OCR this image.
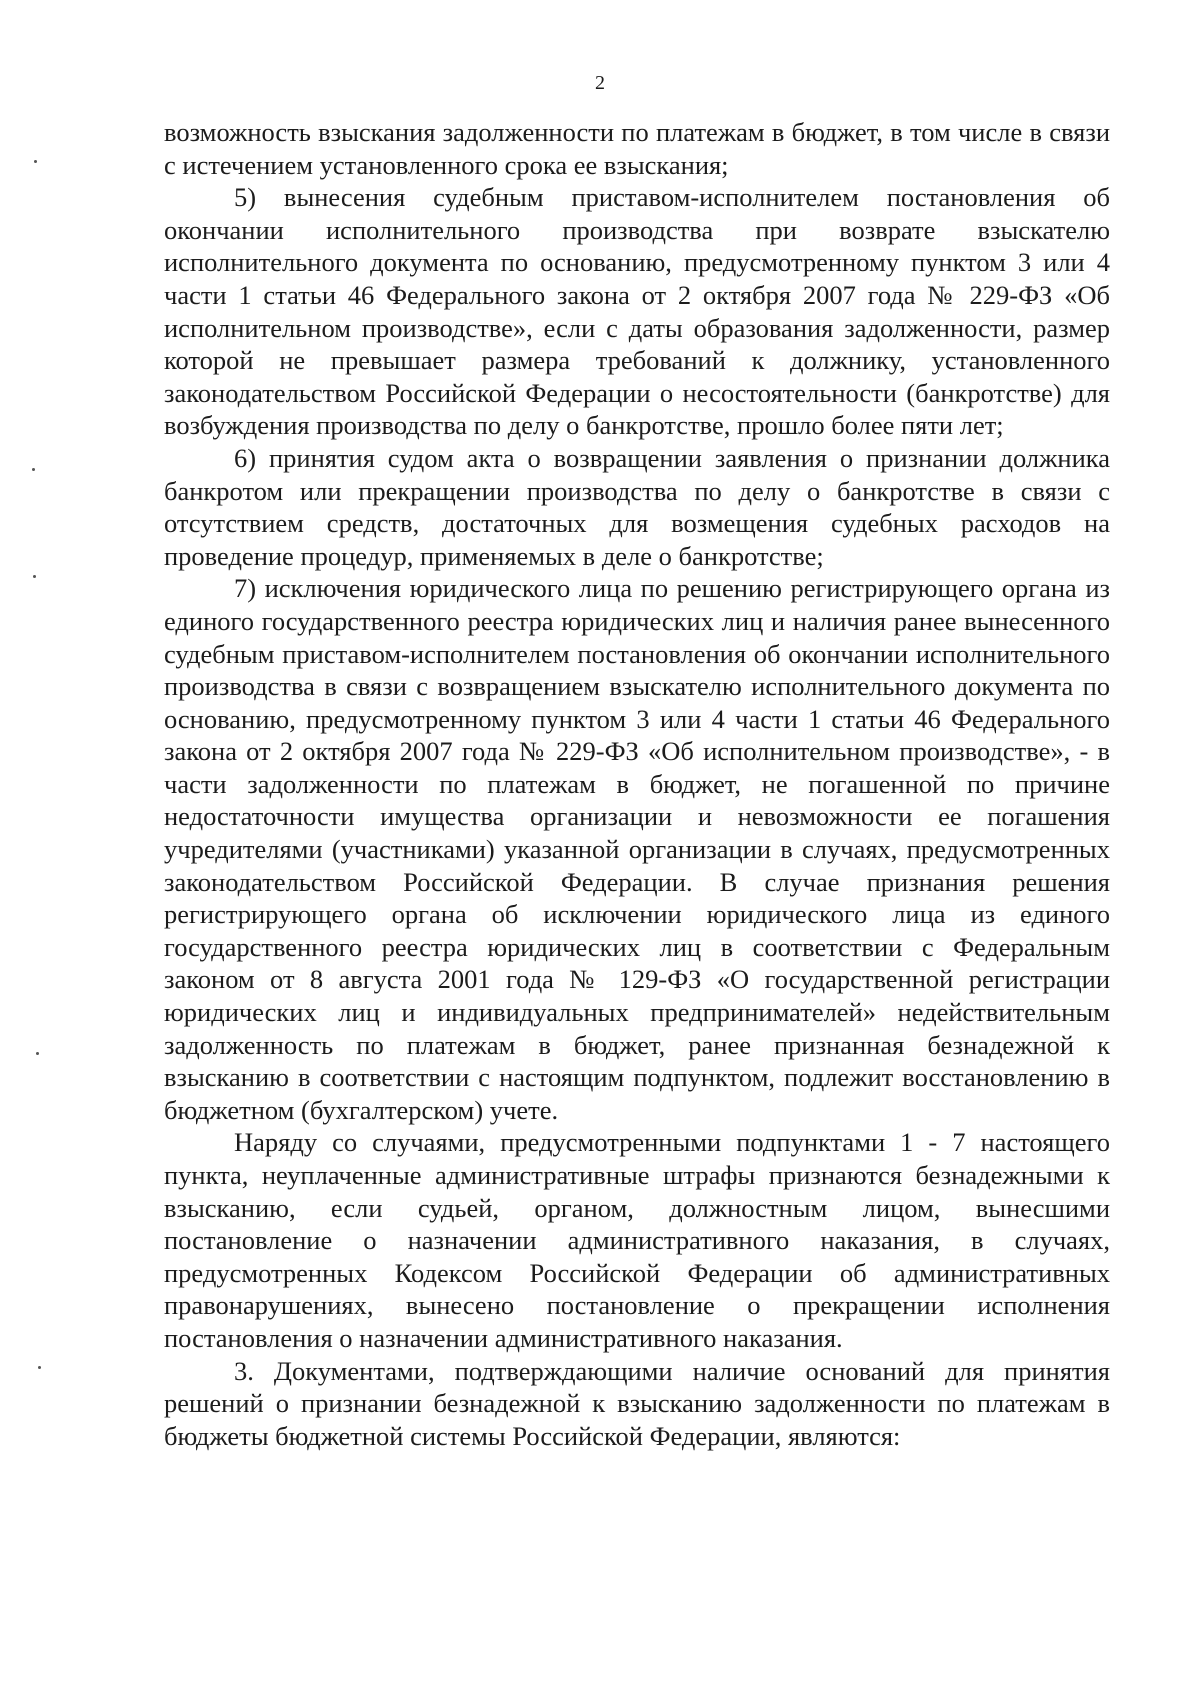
2

возможность взыскания задолженности по платежам в бюджет, в том числе в связи с истечением установленного срока ее взыскания;

5) вынесения судебным приставом-исполнителем постановления об окончании исполнительного производства при возврате взыскателю исполнительного документа по основанию, предусмотренному пунктом 3 или 4 части 1 статьи 46 Федерального закона от 2 октября 2007 года № 229-ФЗ «Об исполнительном производстве», если с даты образования задолженности, размер которой не превышает размера требований к должнику, установленного законодательством Российской Федерации о несостоятельности (банкротстве) для возбуждения производства по делу о банкротстве, прошло более пяти лет;

6) принятия судом акта о возвращении заявления о признании должника банкротом или прекращении производства по делу о банкротстве в связи с отсутствием средств, достаточных для возмещения судебных расходов на проведение процедур, применяемых в деле о банкротстве;

7) исключения юридического лица по решению регистрирующего органа из единого государственного реестра юридических лиц и наличия ранее вынесенного судебным приставом-исполнителем постановления об окончании исполнительного производства в связи с возвращением взыскателю исполнительного документа по основанию, предусмотренному пунктом 3 или 4 части 1 статьи 46 Федерального закона от 2 октября 2007 года № 229-ФЗ «Об исполнительном производстве», - в части задолженности по платежам в бюджет, не погашенной по причине недостаточности имущества организации и невозможности ее погашения учредителями (участниками) указанной организации в случаях, предусмотренных законодательством Российской Федерации. В случае признания решения регистрирующего органа об исключении юридического лица из единого государственного реестра юридических лиц в соответствии с Федеральным законом от 8 августа 2001 года № 129-ФЗ «О государственной регистрации юридических лиц и индивидуальных предпринимателей» недействительным задолженность по платежам в бюджет, ранее признанная безнадежной к взысканию в соответствии с настоящим подпунктом, подлежит восстановлению в бюджетном (бухгалтерском) учете.

Наряду со случаями, предусмотренными подпунктами 1 - 7 настоящего пункта, неуплаченные административные штрафы признаются безнадежными к взысканию, если судьей, органом, должностным лицом, вынесшими постановление о назначении административного наказания, в случаях, предусмотренных Кодексом Российской Федерации об административных правонарушениях, вынесено постановление о прекращении исполнения постановления о назначении административного наказания.

3. Документами, подтверждающими наличие оснований для принятия решений о признании безнадежной к взысканию задолженности по платежам в бюджеты бюджетной системы Российской Федерации, являются:
